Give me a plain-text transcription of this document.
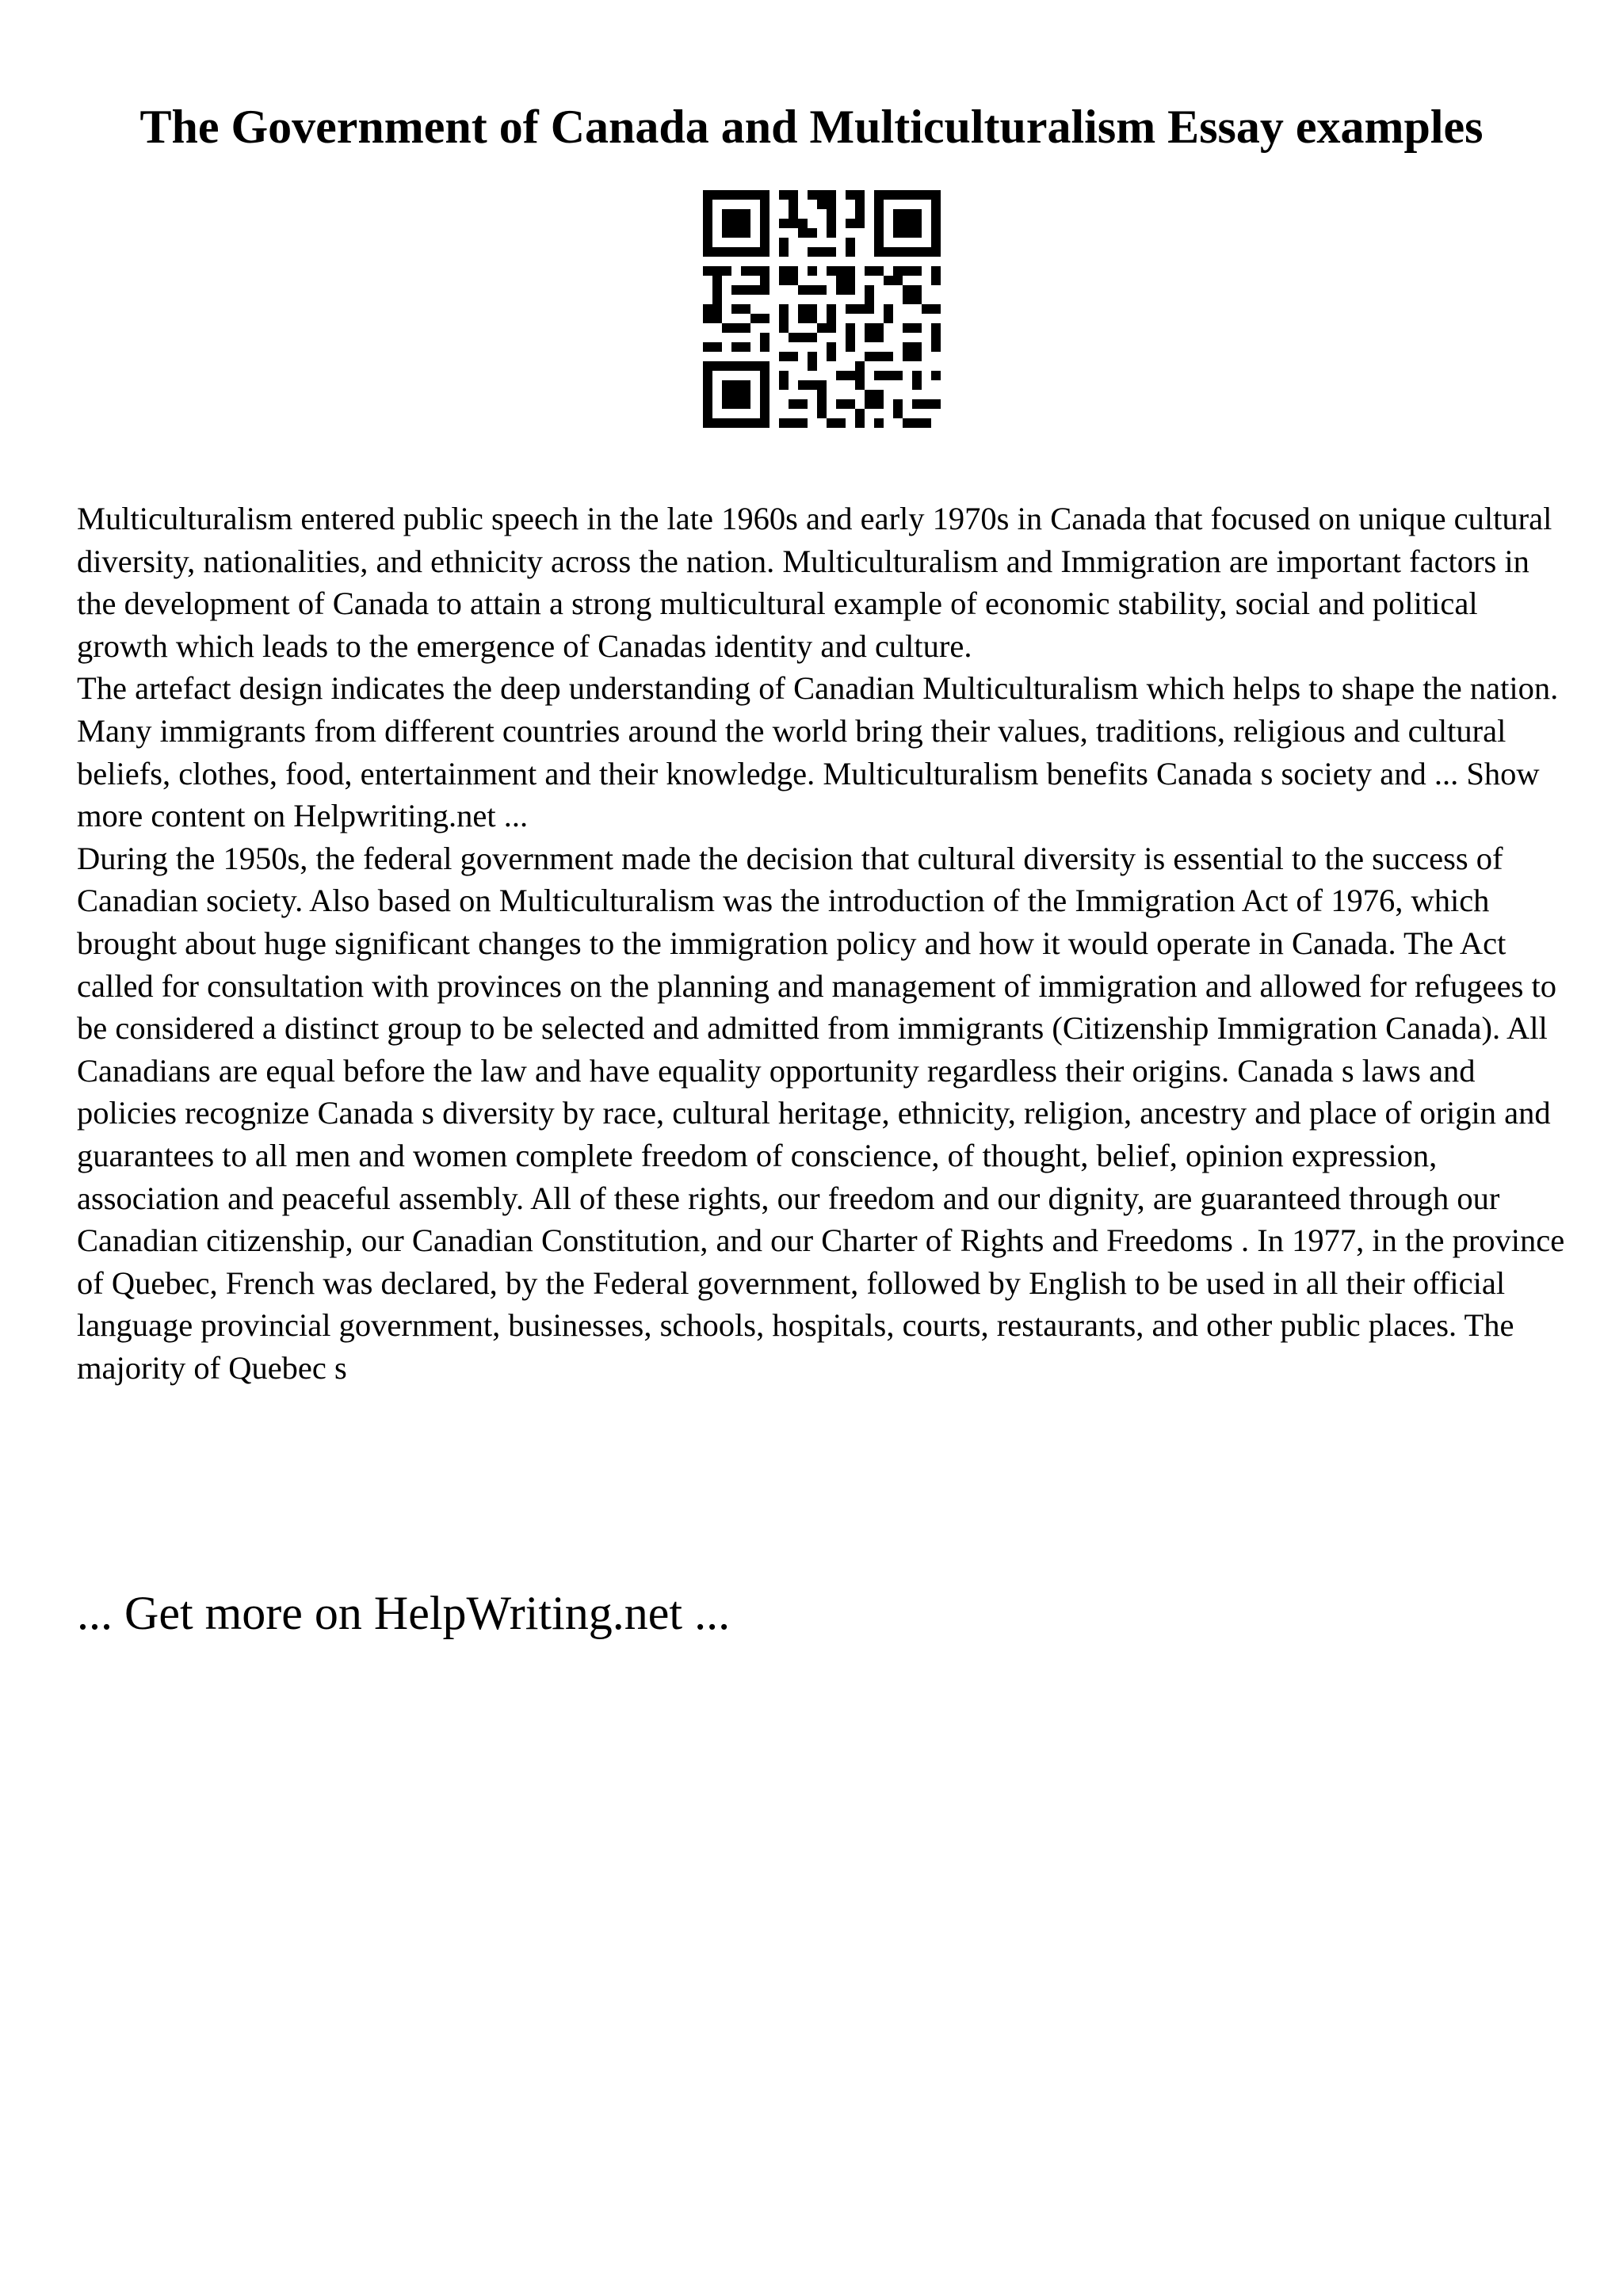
The Government of Canada and Multiculturalism Essay examples

Multiculturalism entered public speech in the late 1960s and early 1970s in Canada that focused on unique cultural diversity, nationalities, and ethnicity across the nation. Multiculturalism and Immigration are important factors in the development of Canada to attain a strong multicultural example of economic stability, social and political growth which leads to the emergence of Canadas identity and culture.

The artefact design indicates the deep understanding of Canadian Multiculturalism which helps to shape the nation. Many immigrants from different countries around the world bring their values, traditions, religious and cultural beliefs, clothes, food, entertainment and their knowledge. Multiculturalism benefits Canada s society and ... Show more content on Helpwriting.net ...

During the 1950s, the federal government made the decision that cultural diversity is essential to the success of Canadian society. Also based on Multiculturalism was the introduction of the Immigration Act of 1976, which brought about huge significant changes to the immigration policy and how it would operate in Canada. The Act called for consultation with provinces on the planning and management of immigration and allowed for refugees to be considered a distinct group to be selected and admitted from immigrants (Citizenship Immigration Canada). All Canadians are equal before the law and have equality opportunity regardless their origins. Canada s laws and policies recognize Canada s diversity by race, cultural heritage, ethnicity, religion, ancestry and place of origin and guarantees to all men and women complete freedom of conscience, of thought, belief, opinion expression, association and peaceful assembly. All of these rights, our freedom and our dignity, are guaranteed through our Canadian citizenship, our Canadian Constitution, and our Charter of Rights and Freedoms . In 1977, in the province of Quebec, French was declared, by the Federal government, followed by English to be used in all their official language provincial government, businesses, schools, hospitals, courts, restaurants, and other public places. The majority of Quebec s

... Get more on HelpWriting.net ...
